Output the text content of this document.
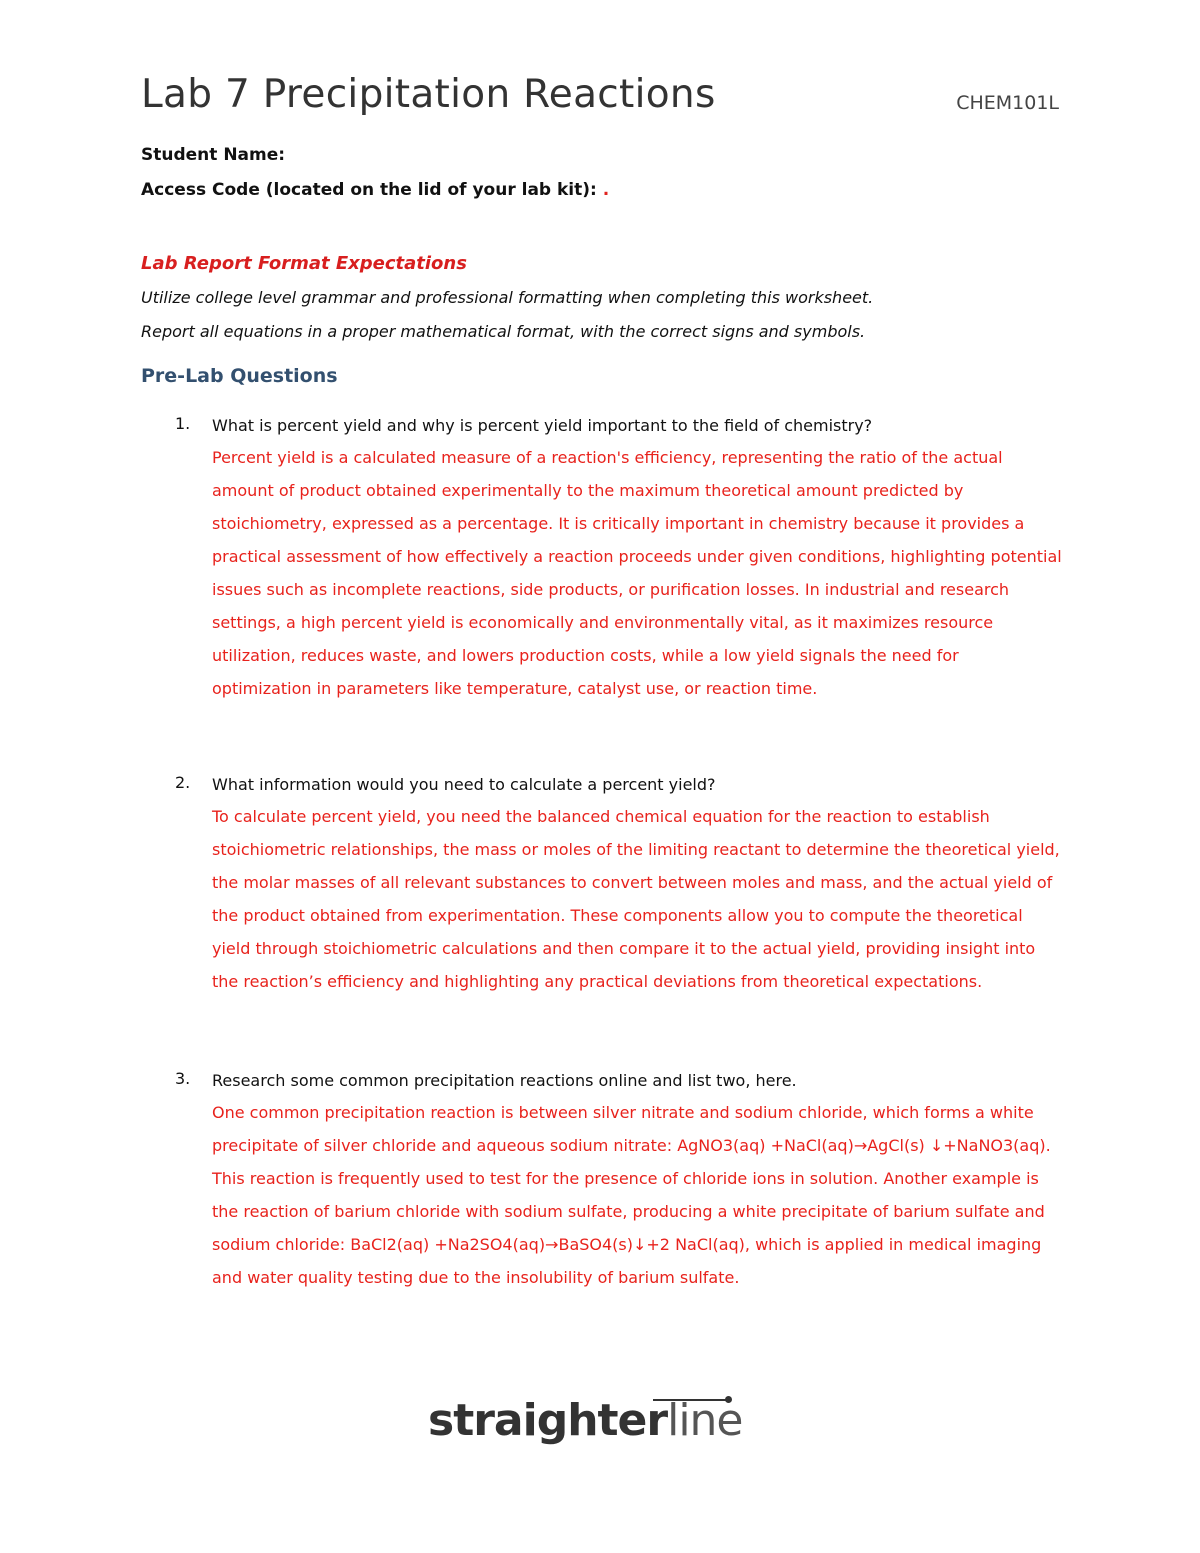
Lab 7 Precipitation Reactions	CHEM101L
Student Name:
Access Code (located on the lid of your lab kit): .
Lab Report Format Expectations
Utilize college level grammar and professional formatting when completing this worksheet.
Report all equations in a proper mathematical format, with the correct signs and symbols.
Pre-Lab Questions
1. What is percent yield and why is percent yield important to the field of chemistry?

Percent yield is a calculated measure of a reaction's efficiency, representing the ratio of the actual amount of product obtained experimentally to the maximum theoretical amount predicted by stoichiometry, expressed as a percentage. It is critically important in chemistry because it provides a practical assessment of how effectively a reaction proceeds under given conditions, highlighting potential issues such as incomplete reactions, side products, or purification losses. In industrial and research settings, a high percent yield is economically and environmentally vital, as it maximizes resource utilization, reduces waste, and lowers production costs, while a low yield signals the need for optimization in parameters like temperature, catalyst use, or reaction time.

2. What information would you need to calculate a percent yield?

To calculate percent yield, you need the balanced chemical equation for the reaction to establish stoichiometric relationships, the mass or moles of the limiting reactant to determine the theoretical yield, the molar masses of all relevant substances to convert between moles and mass, and the actual yield of the product obtained from experimentation. These components allow you to compute the theoretical yield through stoichiometric calculations and then compare it to the actual yield, providing insight into the reaction’s efficiency and highlighting any practical deviations from theoretical expectations.

3. Research some common precipitation reactions online and list two, here.

One common precipitation reaction is between silver nitrate and sodium chloride, which forms a white precipitate of silver chloride and aqueous sodium nitrate: AgNO3(aq) +NaCl(aq)→AgCl(s) ↓+NaNO3(aq). This reaction is frequently used to test for the presence of chloride ions in solution. Another example is the reaction of barium chloride with sodium sulfate, producing a white precipitate of barium sulfate and sodium chloride: BaCl2(aq) +Na2SO4(aq)→BaSO4(s)↓+2 NaCl(aq), which is applied in medical imaging and water quality testing due to the insolubility of barium sulfate.

straighterline
